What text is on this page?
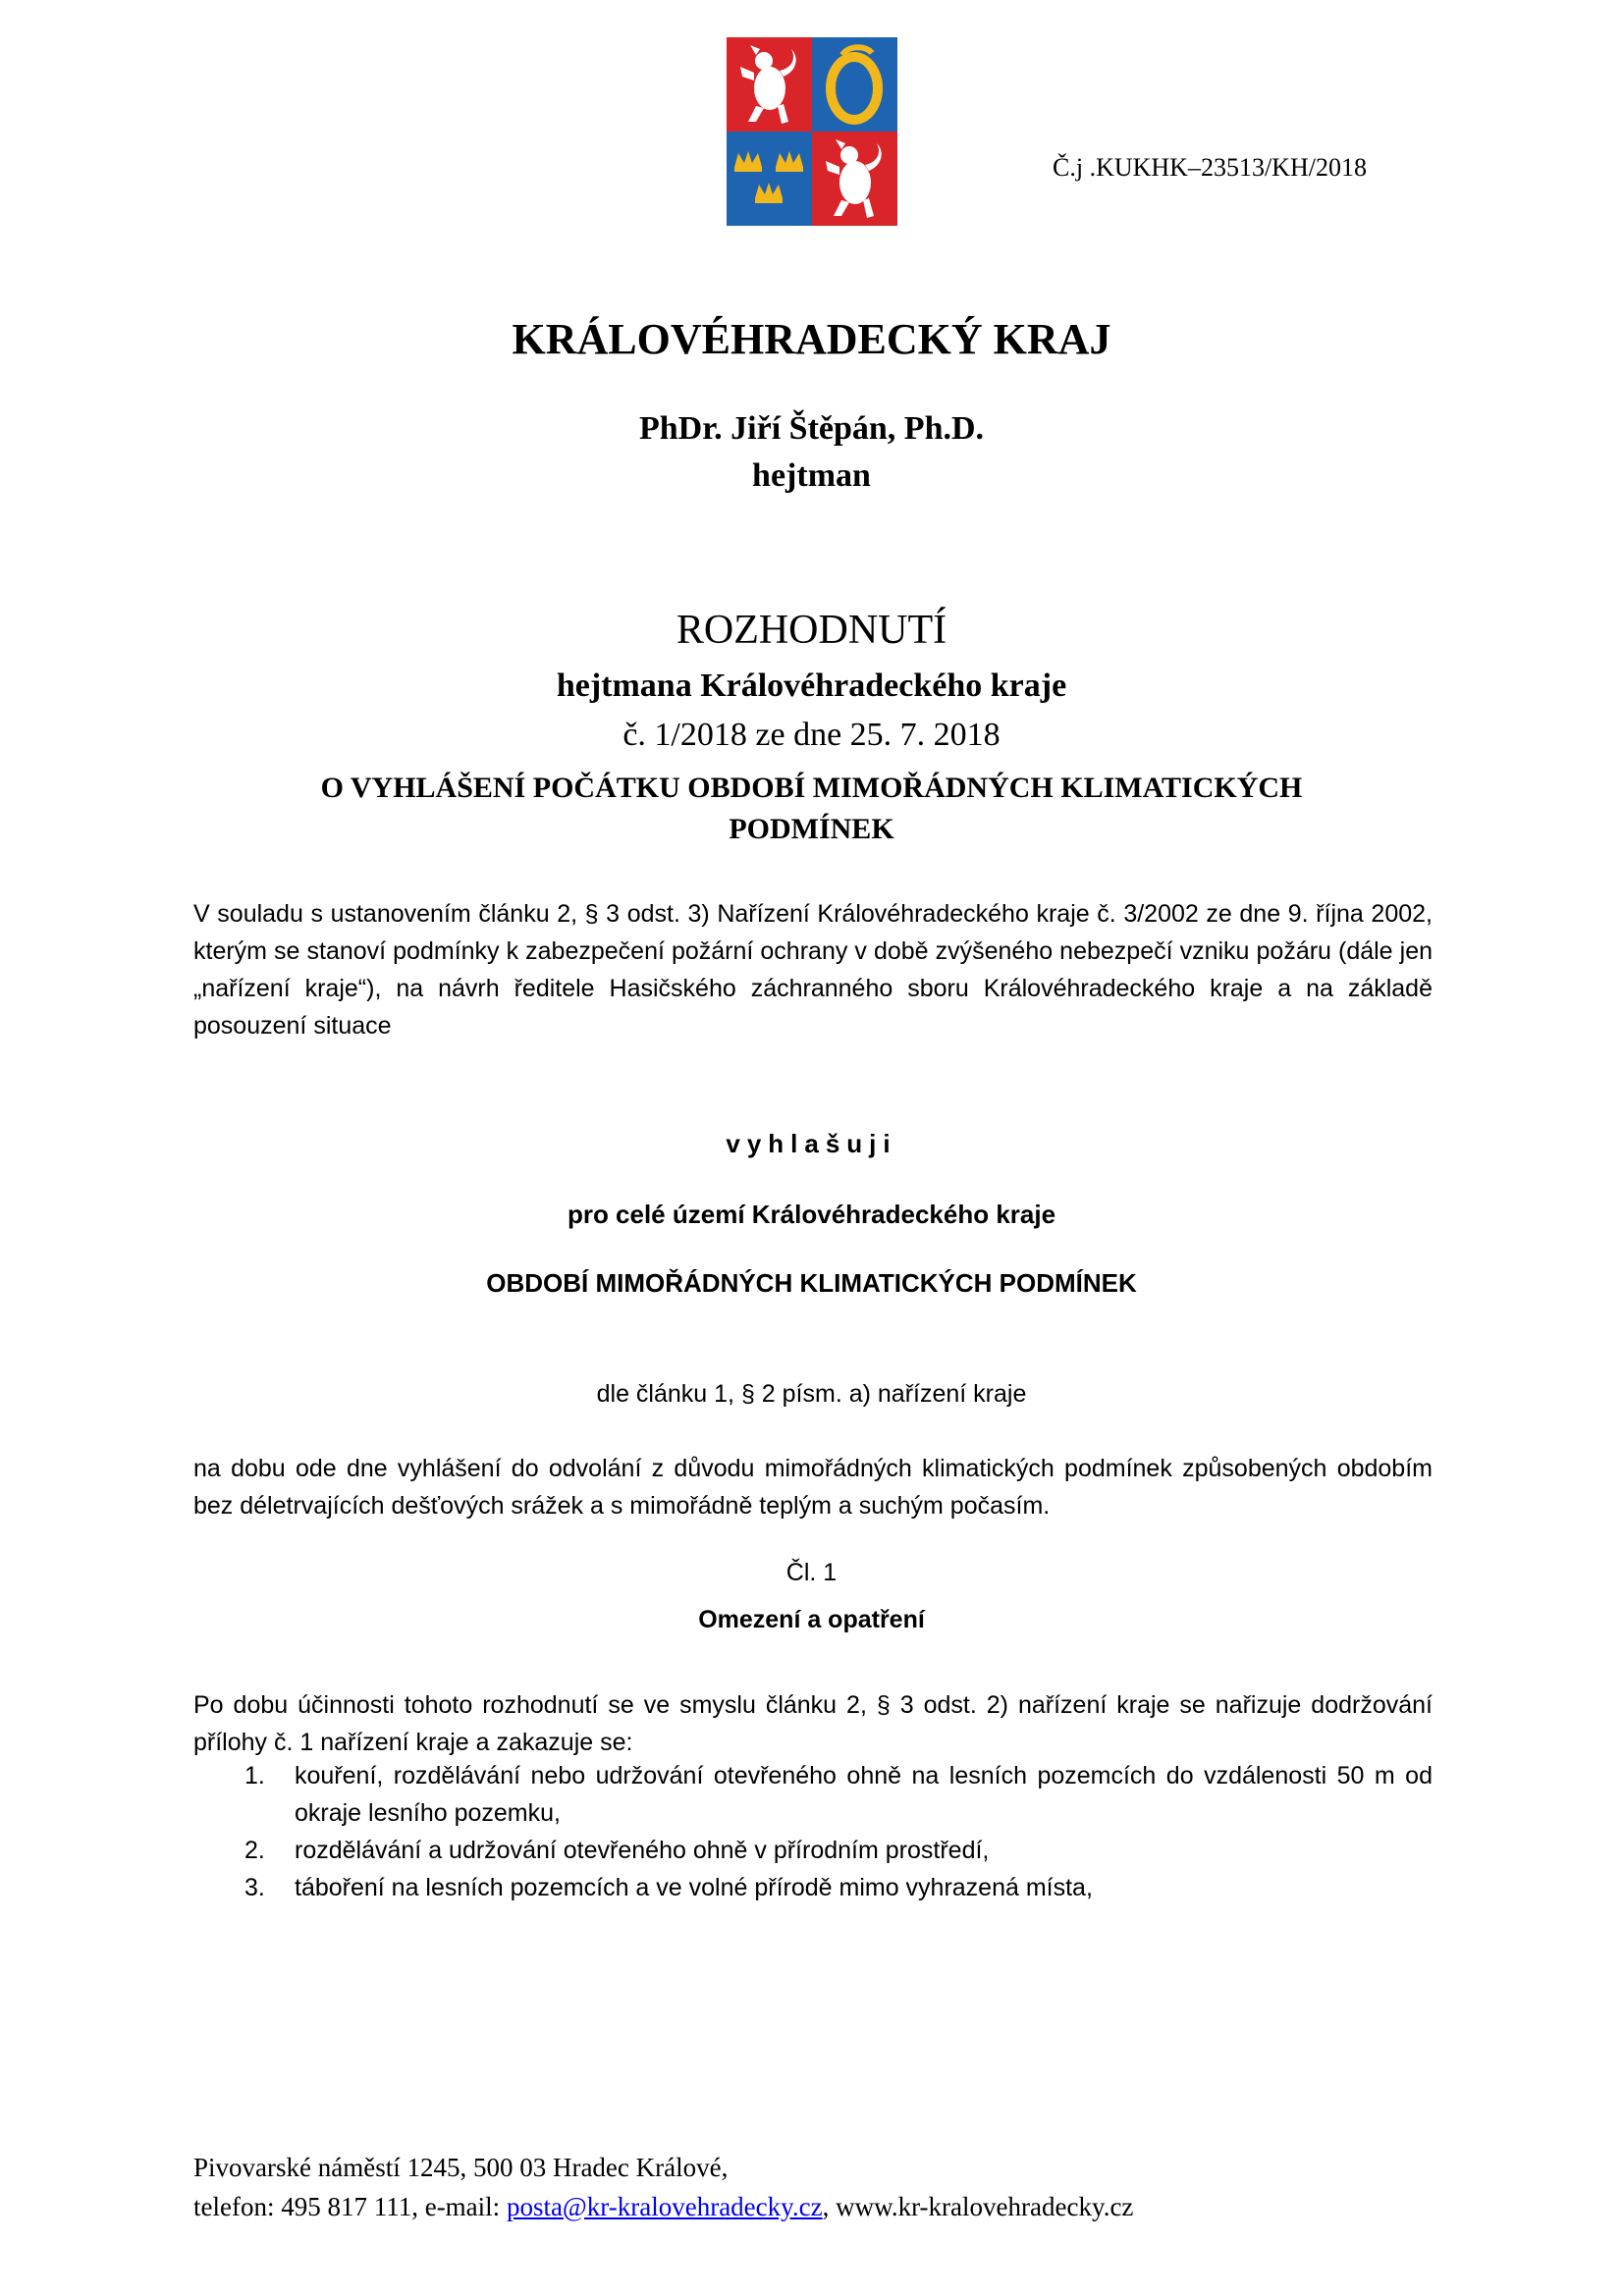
Č.j .KUKHK–23513/KH/2018
KRÁLOVÉHRADECKÝ KRAJ
PhDr. Jiří Štěpán, Ph.D.
hejtman
ROZHODNUTÍ
hejtmana Královéhradeckého kraje
č. 1/2018 ze dne 25. 7. 2018
O VYHLÁŠENÍ POČÁTKU OBDOBÍ MIMOŘÁDNÝCH KLIMATICKÝCH PODMÍNEK
V souladu s ustanovením článku 2, § 3 odst. 3) Nařízení Královéhradeckého kraje č. 3/2002 ze dne 9. října 2002, kterým se stanoví podmínky k zabezpečení požární ochrany v době zvýšeného nebezpečí vzniku požáru (dále jen „nařízení kraje“), na návrh ředitele Hasičského záchranného sboru Královéhradeckého kraje a na základě posouzení situace
vyhlašuji
pro celé území Královéhradeckého kraje
OBDOBÍ MIMOŘÁDNÝCH KLIMATICKÝCH PODMÍNEK
dle článku 1, § 2 písm. a) nařízení kraje
na dobu ode dne vyhlášení do odvolání z důvodu mimořádných klimatických podmínek způsobených obdobím bez déletrvajících dešťových srážek a s mimořádně teplým a suchým počasím.
Čl. 1
Omezení a opatření
Po dobu účinnosti tohoto rozhodnutí se ve smyslu článku 2, § 3 odst. 2) nařízení kraje se nařizuje dodržování přílohy č. 1 nařízení kraje a zakazuje se:
1. kouření, rozdělávání nebo udržování otevřeného ohně na lesních pozemcích do vzdálenosti 50 m od okraje lesního pozemku,
2. rozdělávání a udržování otevřeného ohně v přírodním prostředí,
3. táboření na lesních pozemcích a ve volné přírodě mimo vyhrazená místa,
Pivovarské náměstí 1245, 500 03 Hradec Králové,
telefon: 495 817 111, e-mail: posta@kr-kralovehradecky.cz, www.kr-kralovehradecky.cz
